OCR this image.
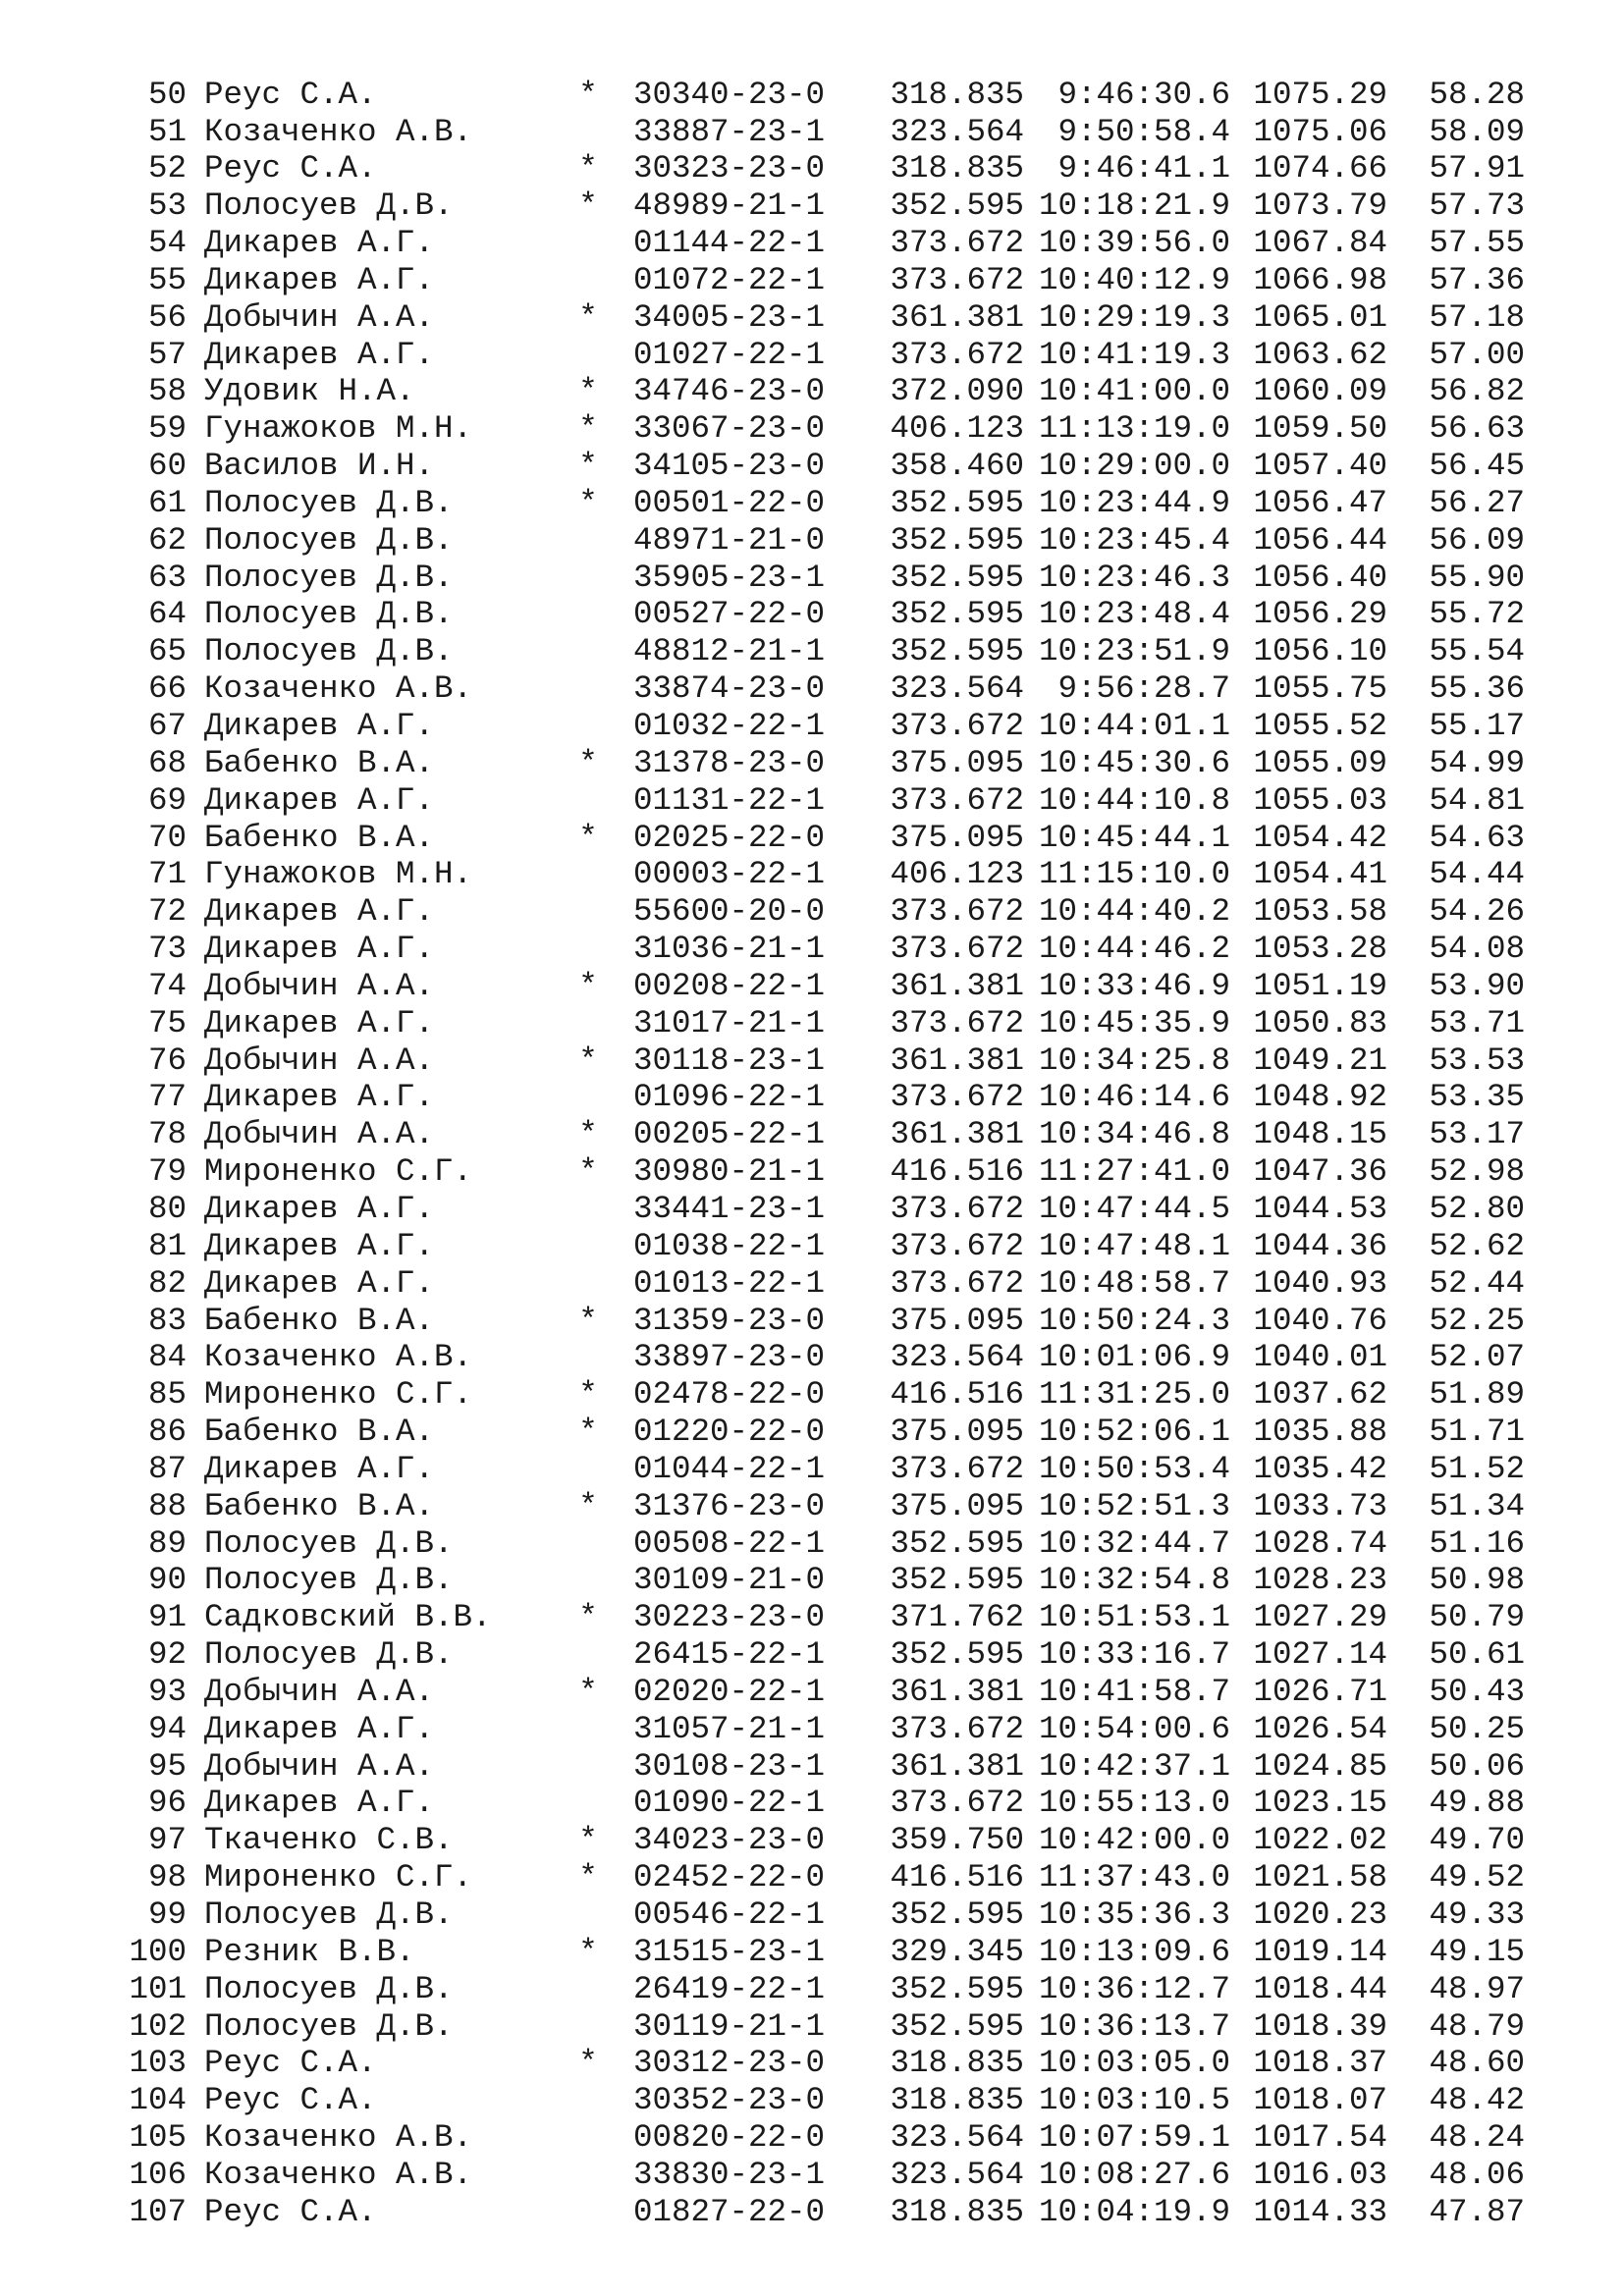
50 Реус С.А.	*	30340-23-0	318.835	9:46:30.6 1075.29	58.28
51 Козаченко А.В.	33887-23-1	323.564	9:50:58.4 1075.06	58.09
52 Реус С.А.	*	30323-23-0	318.835	9:46:41.1 1074.66	57.91
53 Полосуев Д.В.	*	48989-21-1	352.595 10:18:21.9 1073.79	57.73
54 Дикарев А.Г.	01144-22-1	373.672 10:39:56.0 1067.84	57.55
55 Дикарев А.Г.	01072-22-1	373.672 10:40:12.9 1066.98	57.36
56 Добычин А.А.	*	34005-23-1	361.381 10:29:19.3 1065.01	57.18
57 Дикарев А.Г.	01027-22-1	373.672 10:41:19.3 1063.62	57.00
58 Удовик Н.А.	*	34746-23-0	372.090 10:41:00.0 1060.09	56.82
59 Гунажоков М.Н.	*	33067-23-0	406.123 11:13:19.0 1059.50	56.63
60 Василов И.Н.	*	34105-23-0	358.460 10:29:00.0 1057.40	56.45
61 Полосуев Д.В.	*	00501-22-0	352.595 10:23:44.9 1056.47	56.27
62 Полосуев Д.В.	48971-21-0	352.595 10:23:45.4 1056.44	56.09
63 Полосуев Д.В.	35905-23-1	352.595 10:23:46.3 1056.40	55.90
64 Полосуев Д.В.	00527-22-0	352.595 10:23:48.4 1056.29	55.72
65 Полосуев Д.В.	48812-21-1	352.595 10:23:51.9 1056.10	55.54
66 Козаченко А.В.	33874-23-0	323.564	9:56:28.7 1055.75	55.36
67 Дикарев А.Г.	01032-22-1	373.672 10:44:01.1 1055.52	55.17
68 Бабенко В.А.	*	31378-23-0	375.095 10:45:30.6 1055.09	54.99
69 Дикарев А.Г.	01131-22-1	373.672 10:44:10.8 1055.03	54.81
70 Бабенко В.А.	*	02025-22-0	375.095 10:45:44.1 1054.42	54.63
71 Гунажоков М.Н.	00003-22-1	406.123 11:15:10.0 1054.41	54.44
72 Дикарев А.Г.	55600-20-0	373.672 10:44:40.2 1053.58	54.26
73 Дикарев А.Г.	31036-21-1	373.672 10:44:46.2 1053.28	54.08
74 Добычин А.А.	*	00208-22-1	361.381 10:33:46.9 1051.19	53.90
75 Дикарев А.Г.	31017-21-1	373.672 10:45:35.9 1050.83	53.71
76 Добычин А.А.	*	30118-23-1	361.381 10:34:25.8 1049.21	53.53
77 Дикарев А.Г.	01096-22-1	373.672 10:46:14.6 1048.92	53.35
78 Добычин А.А.	*	00205-22-1	361.381 10:34:46.8 1048.15	53.17
79 Мироненко С.Г.	*	30980-21-1	416.516 11:27:41.0 1047.36	52.98
80 Дикарев А.Г.	33441-23-1	373.672 10:47:44.5 1044.53	52.80
81 Дикарев А.Г.	01038-22-1	373.672 10:47:48.1 1044.36	52.62
82 Дикарев А.Г.	01013-22-1	373.672 10:48:58.7 1040.93	52.44
83 Бабенко В.А.	*	31359-23-0	375.095 10:50:24.3 1040.76	52.25
84 Козаченко А.В.	33897-23-0	323.564 10:01:06.9 1040.01	52.07
85 Мироненко С.Г.	*	02478-22-0	416.516 11:31:25.0 1037.62	51.89
86 Бабенко В.А.	*	01220-22-0	375.095 10:52:06.1 1035.88	51.71
87 Дикарев А.Г.	01044-22-1	373.672 10:50:53.4 1035.42	51.52
88 Бабенко В.А.	*	31376-23-0	375.095 10:52:51.3 1033.73	51.34
89 Полосуев Д.В.	00508-22-1	352.595 10:32:44.7 1028.74	51.16
90 Полосуев Д.В.	30109-21-0	352.595 10:32:54.8 1028.23	50.98
91 Садковский В.В.	*	30223-23-0	371.762 10:51:53.1 1027.29	50.79
92 Полосуев Д.В.	26415-22-1	352.595 10:33:16.7 1027.14	50.61
93 Добычин А.А.	*	02020-22-1	361.381 10:41:58.7 1026.71	50.43
94 Дикарев А.Г.	31057-21-1	373.672 10:54:00.6 1026.54	50.25
95 Добычин А.А.	30108-23-1	361.381 10:42:37.1 1024.85	50.06
96 Дикарев А.Г.	01090-22-1	373.672 10:55:13.0 1023.15	49.88
97 Ткаченко С.В.	*	34023-23-0	359.750 10:42:00.0 1022.02	49.70
98 Мироненко С.Г.	*	02452-22-0	416.516 11:37:43.0 1021.58	49.52
99 Полосуев Д.В.	00546-22-1	352.595 10:35:36.3 1020.23	49.33
100 Резник В.В.	*	31515-23-1	329.345 10:13:09.6 1019.14	49.15
101 Полосуев Д.В.	26419-22-1	352.595 10:36:12.7 1018.44	48.97
102 Полосуев Д.В.	30119-21-1	352.595 10:36:13.7 1018.39	48.79
103 Реус С.А.	*	30312-23-0	318.835 10:03:05.0 1018.37	48.60
104 Реус С.А.	30352-23-0	318.835 10:03:10.5 1018.07	48.42
105 Козаченко А.В.	00820-22-0	323.564 10:07:59.1 1017.54	48.24
106 Козаченко А.В.	33830-23-1	323.564 10:08:27.6 1016.03	48.06
107 Реус С.А.	01827-22-0	318.835 10:04:19.9 1014.33	47.87
